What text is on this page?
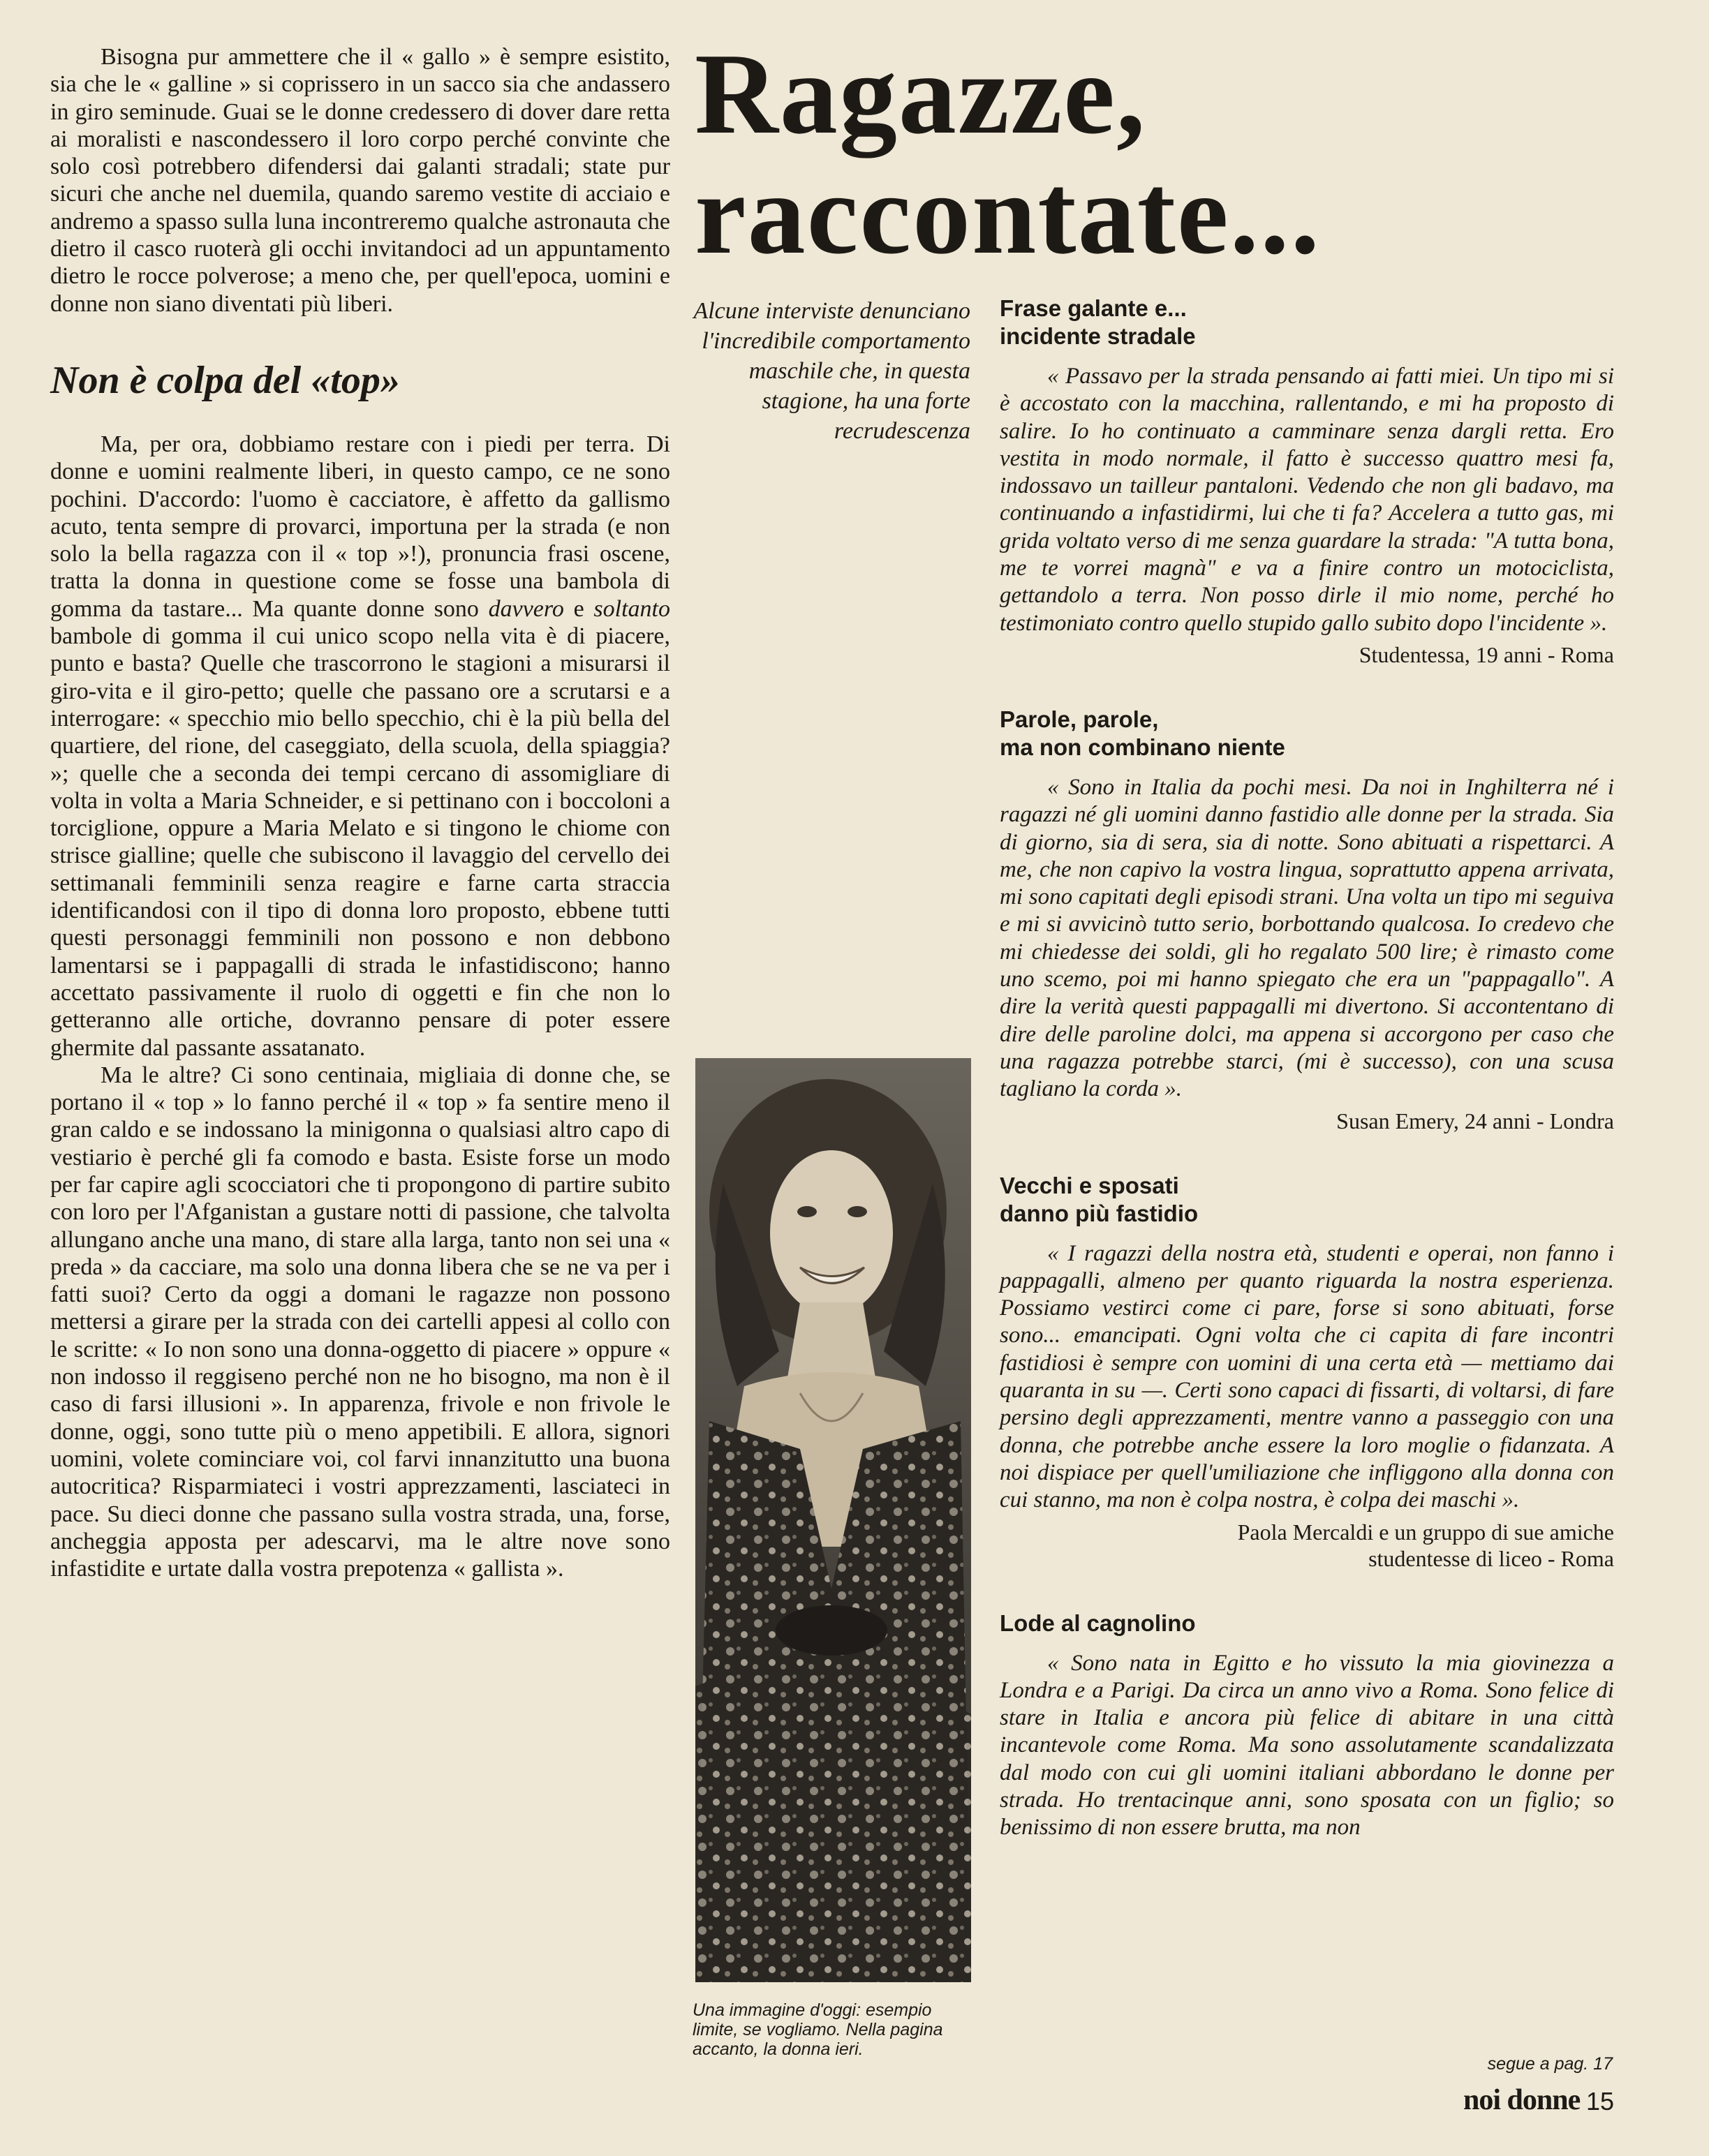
Ragazze,
raccontate...

Bisogna pur ammettere che il « gallo » è sempre esistito, sia che le « galline » si coprissero in un sacco sia che andassero in giro seminude. Guai se le donne credessero di dover dare retta ai moralisti e nascondessero il loro corpo perché convinte che solo così potrebbero difendersi dai galanti stradali; state pur sicuri che anche nel duemila, quando saremo vestite di acciaio e andremo a spasso sulla luna incontreremo qualche astronauta che dietro il casco ruoterà gli occhi invitandoci ad un appuntamento dietro le rocce polverose; a meno che, per quell'epoca, uomini e donne non siano diventati più liberi.

Non è colpa del «top»

Ma, per ora, dobbiamo restare con i piedi per terra. Di donne e uomini realmente liberi, in questo campo, ce ne sono pochini. D'accordo: l'uomo è cacciatore, è affetto da gallismo acuto, tenta sempre di provarci, importuna per la strada (e non solo la bella ragazza con il « top »!), pronuncia frasi oscene, tratta la donna in questione come se fosse una bambola di gomma da tastare... Ma quante donne sono davvero e soltanto bambole di gomma il cui unico scopo nella vita è di piacere, punto e basta? Quelle che trascorrono le stagioni a misurarsi il giro-vita e il giro-petto; quelle che passano ore a scrutarsi e a interrogare: « specchio mio bello specchio, chi è la più bella del quartiere, del rione, del caseggiato, della scuola, della spiaggia? »; quelle che a seconda dei tempi cercano di assomigliare di volta in volta a Maria Schneider, e si pettinano con i boccoloni a torciglione, oppure a Maria Melato e si tingono le chiome con strisce gialline; quelle che subiscono il lavaggio del cervello dei settimanali femminili senza reagire e farne carta straccia identificandosi con il tipo di donna loro proposto, ebbene tutti questi personaggi femminili non possono e non debbono lamentarsi se i pappagalli di strada le infastidiscono; hanno accettato passivamente il ruolo di oggetti e fin che non lo getteranno alle ortiche, dovranno pensare di poter essere ghermite dal passante assatanato.

Ma le altre? Ci sono centinaia, migliaia di donne che, se portano il « top » lo fanno perché il « top » fa sentire meno il gran caldo e se indossano la minigonna o qualsiasi altro capo di vestiario è perché gli fa comodo e basta. Esiste forse un modo per far capire agli scocciatori che ti propongono di partire subito con loro per l'Afganistan a gustare notti di passione, che talvolta allungano anche una mano, di stare alla larga, tanto non sei una « preda » da cacciare, ma solo una donna libera che se ne va per i fatti suoi? Certo da oggi a domani le ragazze non possono mettersi a girare per la strada con dei cartelli appesi al collo con le scritte: « Io non sono una donna-oggetto di piacere » oppure « non indosso il reggiseno perché non ne ho bisogno, ma non è il caso di farsi illusioni ». In apparenza, frivole e non frivole le donne, oggi, sono tutte più o meno appetibili. E allora, signori uomini, volete cominciare voi, col farvi innanzitutto una buona autocritica? Risparmiateci i vostri apprezzamenti, lasciateci in pace. Su dieci donne che passano sulla vostra strada, una, forse, ancheggia apposta per adescarvi, ma le altre nove sono infastidite e urtate dalla vostra prepotenza « gallista ».

Alcune interviste denunciano l'incredibile comportamento maschile che, in questa stagione, ha una forte recrudescenza
Una immagine d'oggi: esempio limite, se vogliamo. Nella pagina accanto, la donna ieri.
Frase galante e...
incidente stradale

« Passavo per la strada pensando ai fatti miei. Un tipo mi si è accostato con la macchina, rallentando, e mi ha proposto di salire. Io ho continuato a camminare senza dargli retta. Ero vestita in modo normale, il fatto è successo quattro mesi fa, indossavo un tailleur pantaloni. Vedendo che non gli badavo, ma continuando a infastidirmi, lui che ti fa? Accelera a tutto gas, mi grida voltato verso di me senza guardare la strada: "A tutta bona, me te vorrei magnà" e va a finire contro un motociclista, gettandolo a terra. Non posso dirle il mio nome, perché ho testimoniato contro quello stupido gallo subito dopo l'incidente ».

Studentessa, 19 anni - Roma
Parole, parole,
ma non combinano niente

« Sono in Italia da pochi mesi. Da noi in Inghilterra né i ragazzi né gli uomini danno fastidio alle donne per la strada. Sia di giorno, sia di sera, sia di notte. Sono abituati a rispettarci. A me, che non capivo la vostra lingua, soprattutto appena arrivata, mi sono capitati degli episodi strani. Una volta un tipo mi seguiva e mi si avvicinò tutto serio, borbottando qualcosa. Io credevo che mi chiedesse dei soldi, gli ho regalato 500 lire; è rimasto come uno scemo, poi mi hanno spiegato che era un "pappagallo". A dire la verità questi pappagalli mi divertono. Si accontentano di dire delle paroline dolci, ma appena si accorgono per caso che una ragazza potrebbe starci, (mi è successo), con una scusa tagliano la corda ».

Susan Emery, 24 anni - Londra
Vecchi e sposati
danno più fastidio

« I ragazzi della nostra età, studenti e operai, non fanno i pappagalli, almeno per quanto riguarda la nostra esperienza. Possiamo vestirci come ci pare, forse si sono abituati, forse sono... emancipati. Ogni volta che ci capita di fare incontri fastidiosi è sempre con uomini di una certa età — mettiamo dai quaranta in su —. Certi sono capaci di fissarti, di voltarsi, di fare persino degli apprezzamenti, mentre vanno a passeggio con una donna, che potrebbe anche essere la loro moglie o fidanzata. A noi dispiace per quell'umiliazione che infliggono alla donna con cui stanno, ma non è colpa nostra, è colpa dei maschi ».

Paola Mercaldi e un gruppo di sue amiche
studentesse di liceo - Roma
Lode al cagnolino

« Sono nata in Egitto e ho vissuto la mia giovinezza a Londra e a Parigi. Da circa un anno vivo a Roma. Sono felice di stare in Italia e ancora più felice di abitare in una città incantevole come Roma. Ma sono assolutamente scandalizzata dal modo con cui gli uomini italiani abbordano le donne per strada. Ho trentacinque anni, sono sposata con un figlio; so benissimo di non essere brutta, ma non

segue a pag. 17
noi donne 15
